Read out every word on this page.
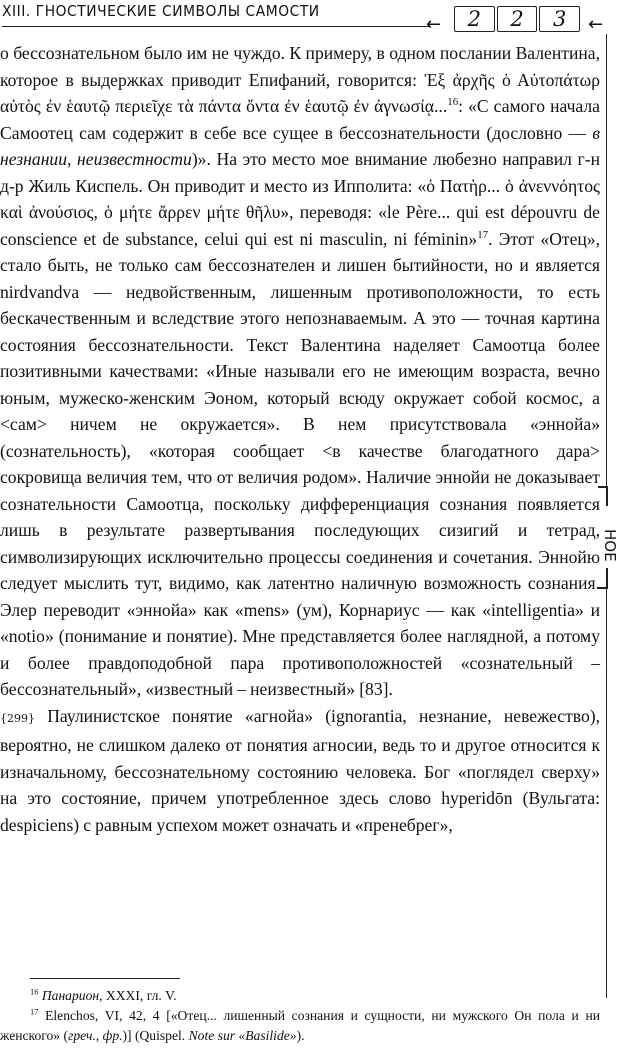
XIII. ГНОСТИЧЕСКИЕ СИМВОЛЫ САМОСТИ
←	2	2	3	←
НОЕ

о бессознательном было им не чуждо. К примеру, в одном послании Валентина, которое в выдержках приводит Епифаний, говорится: Ἐξ ἀρχῆς ὁ Αὐτοπάτωρ αὐτὸς ἐν ἑαυτῷ περιεῖχε τὰ πάντα ὄντα ἐν ἑαυτῷ ἐν ἀγνωσίᾳ...$^{16}$: «С самого начала Самоотец сам содержит в себе все сущее в бессознательности (дословно — в незнании, неизвестности)». На это место мое внимание любезно направил г-н д-р Жиль Киспель. Он приводит и место из Ипполита: «ὁ Πατὴρ... ὁ ἀνεννόητος καὶ ἀνούσιος, ὁ μήτε ἄρρεν μήτε θῆλυ», переводя: «le Père... qui est dépouvru de conscience et de substance, celui qui est ni masculin, ni féminin»$^{17}$. Этот «Отец», стало быть, не только сам бессознателен и лишен бытийности, но и является nirdvandva — недвойственным, лишенным противоположности, то есть бескачественным и вследствие этого непознаваемым. А это — точная картина состояния бессознательности. Текст Валентина наделяет Самоотца более позитивными качествами: «Иные называли его не имеющим возраста, вечно юным, мужеско-женским Эоном, который всюду окружает собой космос, а <сам> ничем не окружается». В нем присутствовала «эннойа» (сознательность), «которая сообщает <в качестве благодатного дара> сокровища величия тем, что от величия родом». Наличие эннойи не доказывает сознательности Самоотца, поскольку дифференциация сознания появляется лишь в результате развертывания последующих сизигий и тетрад, символизирующих исключительно процессы соединения и сочетания. Эннойю следует мыслить тут, видимо, как латентно наличную возможность сознания. Элер переводит «эннойа» как «mens» (ум), Корнариус — как «intelligentia» и «notio» (понимание и понятие). Мне представляется более наглядной, а потому и более правдоподобной пара противоположностей «сознательный – бессознательный», «известный – неизвестный» [83].

{299} Паулинистское понятие «агнойа» (ignorantia, незнание, невежество), вероятно, не слишком далеко от понятия агносии, ведь то и другое относится к изначальному, бессознательному состоянию человека. Бог «поглядел сверху» на это состояние, причем употребленное здесь слово hyperidōn (Вульгата: despiciens) с равным успехом может означать и «пренебрег»,

$^{16}$ Панарион, XXXI, гл. V.

$^{17}$ Elenchos, VI, 42, 4 [«Отец... лишенный сознания и сущности, ни мужского Он пола и ни женского» (греч., фр.)] (Quispel. Note sur «Basilide»).
